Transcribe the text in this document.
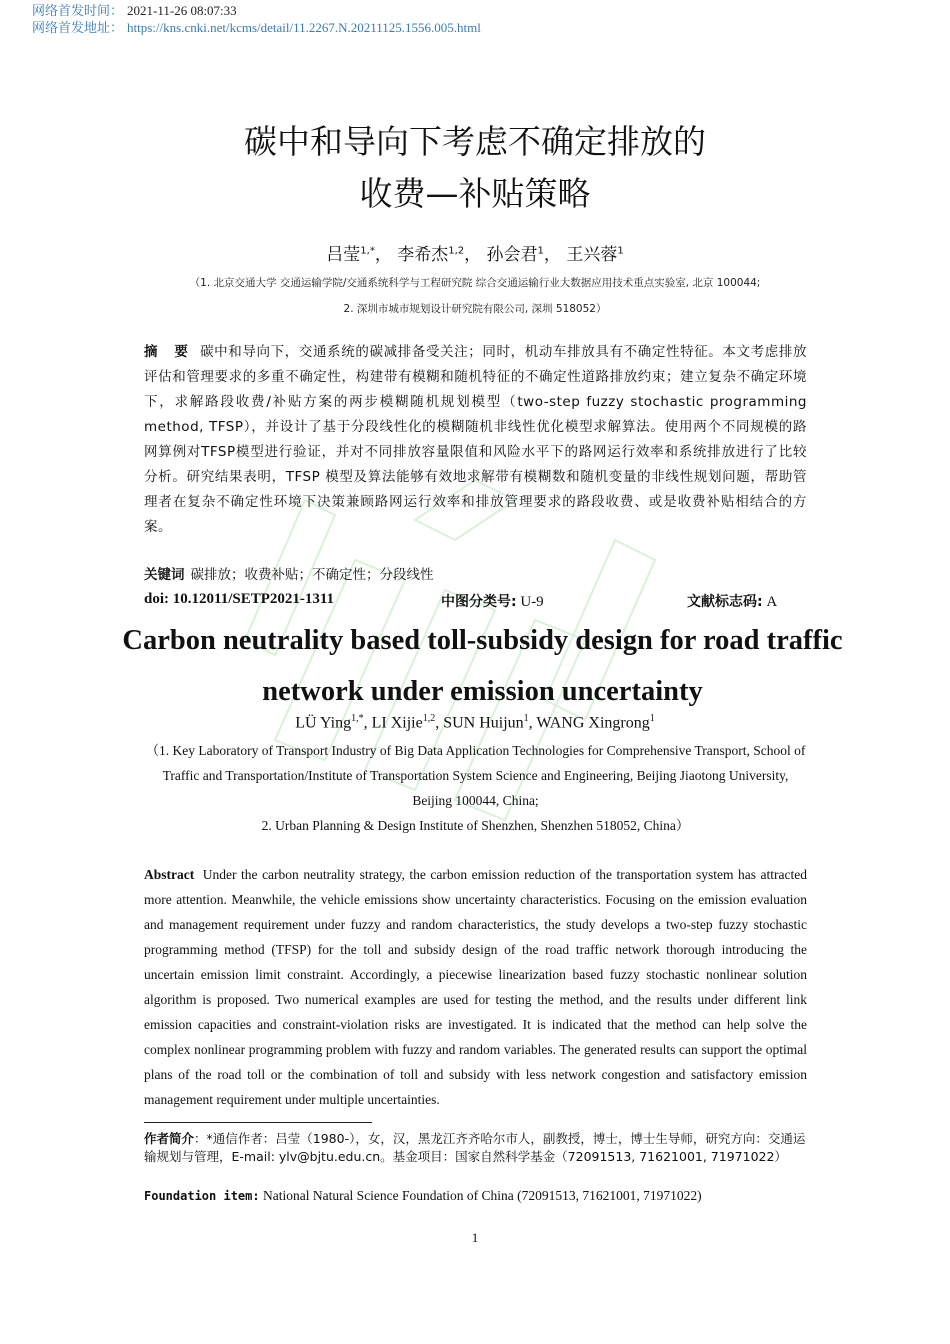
网络首发时间： 2021-11-26 08:07:33
网络首发地址： https://kns.cnki.net/kcms/detail/11.2267.N.20211125.1556.005.html
碳中和导向下考虑不确定排放的
收费—补贴策略
吕莹$^{1,*}$， 李希杰$^{1,2}$， 孙会君$^1$， 王兴蓉$^1$
（1. 北京交通大学 交通运输学院/交通系统科学与工程研究院 综合交通运输行业大数据应用技术重点实验室, 北京 100044;
2. 深圳市城市规划设计研究院有限公司, 深圳 518052）
摘 要 碳中和导向下，交通系统的碳减排备受关注；同时，机动车排放具有不确定性特征。本文考虑排放评估和管理要求的多重不确定性，构建带有模糊和随机特征的不确定性道路排放约束；建立复杂不确定环境下，求解路段收费/补贴方案的两步模糊随机规划模型（two-step fuzzy stochastic programming method, TFSP），并设计了基于分段线性化的模糊随机非线性优化模型求解算法。使用两个不同规模的路网算例对TFSP模型进行验证，并对不同排放容量限值和风险水平下的路网运行效率和系统排放进行了比较分析。研究结果表明，TFSP 模型及算法能够有效地求解带有模糊数和随机变量的非线性规划问题，帮助管理者在复杂不确定性环境下决策兼顾路网运行效率和排放管理要求的路段收费、或是收费补贴相结合的方案。
关键词 碳排放；收费补贴；不确定性；分段线性
doi: 10.12011/SETP2021-1311	中图分类号: U-9	文献标志码: A
Carbon neutrality based toll-subsidy design for road traffic network under emission uncertainty
LÜ Ying$^{1,*}$, LI Xijie$^{1,2}$, SUN Huijun$^1$, WANG Xingrong$^1$
（1. Key Laboratory of Transport Industry of Big Data Application Technologies for Comprehensive Transport, School of Traffic and Transportation/Institute of Transportation System Science and Engineering, Beijing Jiaotong University, Beijing 100044, China;
2. Urban Planning & Design Institute of Shenzhen, Shenzhen 518052, China）
Abstract Under the carbon neutrality strategy, the carbon emission reduction of the transportation system has attracted more attention. Meanwhile, the vehicle emissions show uncertainty characteristics. Focusing on the emission evaluation and management requirement under fuzzy and random characteristics, the study develops a two-step fuzzy stochastic programming method (TFSP) for the toll and subsidy design of the road traffic network thorough introducing the uncertain emission limit constraint. Accordingly, a piecewise linearization based fuzzy stochastic nonlinear solution algorithm is proposed. Two numerical examples are used for testing the method, and the results under different link emission capacities and constraint-violation risks are investigated. It is indicated that the method can help solve the complex nonlinear programming problem with fuzzy and random variables. The generated results can support the optimal plans of the road toll or the combination of toll and subsidy with less network congestion and satisfactory emission management requirement under multiple uncertainties.
作者简介：*通信作者：吕莹（1980-），女，汉，黑龙江齐齐哈尔市人，副教授，博士，博士生导师，研究方向：交通运输规划与管理，E-mail: ylv@bjtu.edu.cn。基金项目：国家自然科学基金（72091513, 71621001, 71971022）
Foundation item: National Natural Science Foundation of China (72091513, 71621001, 71971022)
1
